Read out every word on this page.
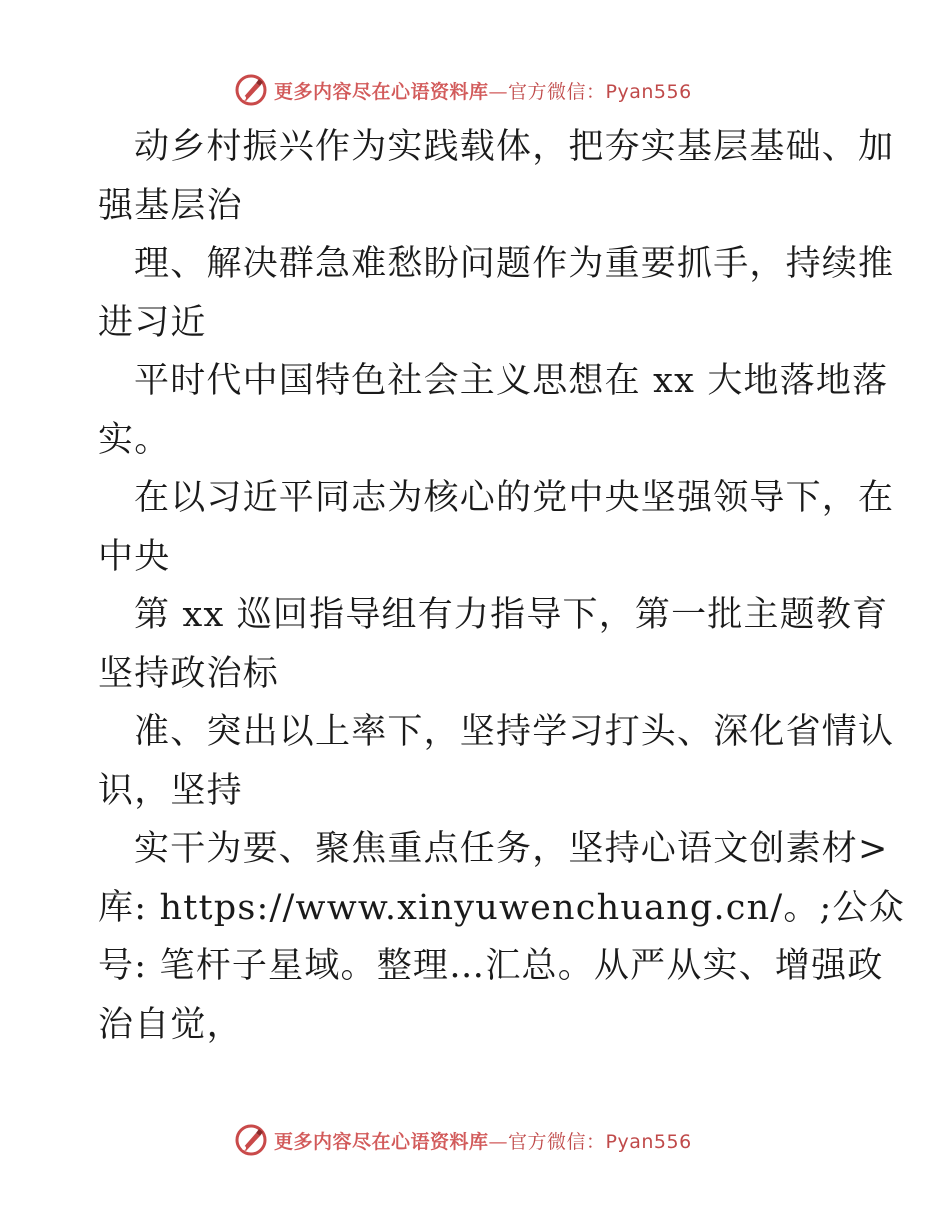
更多内容尽在心语资料库—官方微信：Pyan556
动乡村振兴作为实践载体，把夯实基层基础、加
强基层治
理、解决群急难愁盼问题作为重要抓手，持续推
进习近
平时代中国特色社会主义思想在 xx 大地落地落
实。
在以习近平同志为核心的党中央坚强领导下，在
中央
第 xx 巡回指导组有力指导下，第一批主题教育
坚持政治标
准、突出以上率下，坚持学习打头、深化省情认
识，坚持
实干为要、聚焦重点任务，坚持心语文创素材>
库: https://www.xinyuwenchuang.cn/。;公众
号: 笔杆子星域。整理…汇总。从严从实、增强政
治自觉，
更多内容尽在心语资料库—官方微信：Pyan556
